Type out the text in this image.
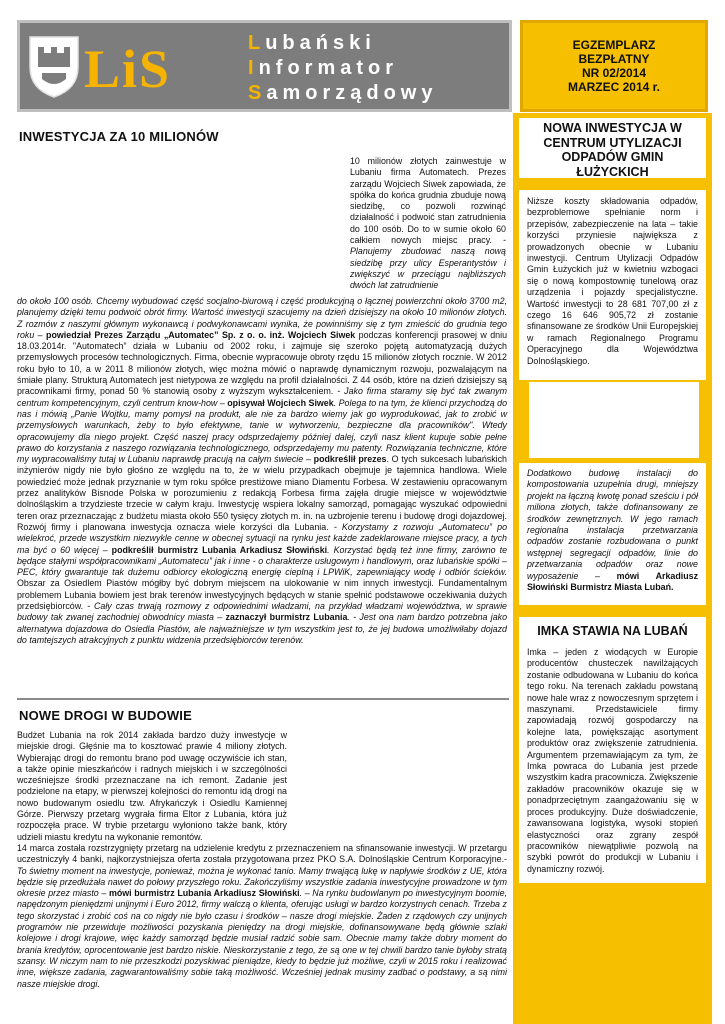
LiS	Lubański
Informator
Samorządowy
EGZEMPLARZ
BEZPŁATNY
NR 02/2014
MARZEC 2014 r.
INWESTYCJA ZA 10 MILIONÓW
10 milionów złotych zainwestuje w Lubaniu firma Automatech. Prezes zarządu Wojciech Siwek zapowiada, że spółka do końca grudnia zbuduje nową siedzibę, co pozwoli rozwinąć działalność i podwoić stan zatrudnienia do 100 osób. Do to w sumie około 60 całkiem nowych miejsc pracy. - Planujemy zbudować naszą nową siedzibę przy ulicy Esperantystów i zwiększyć w przeciągu najbliższych dwóch lat zatrudnienie
do około 100 osób. Chcemy wybudować część socjalno-biurową i część produkcyjną o łącznej powierzchni około 3700 m2, planujemy dzięki temu podwoić obrót firmy. Wartość inwestycji szacujemy na dzień dzisiejszy na około 10 milionów złotych. Z rozmów z naszymi głównym wykonawcą i podwykonawcami wynika, że powinniśmy się z tym zmieścić do grudnia tego roku – powiedział Prezes Zarządu „Automatec” Sp. z o. o. inż. Wojciech Siwek podczas konferencji prasowej w dniu 18.03.2014r. "Automatech” działa w Lubaniu od 2002 roku, i zajmuje się szeroko pojętą automatyzacją dużych przemysłowych procesów technologicznych. Firma, obecnie wypracowuje obroty rzędu 15 milionów złotych rocznie. W 2012 roku było to 10, a w 2011 8 milionów złotych, więc można mówić o naprawdę dynamicznym rozwoju, pozwalającym na śmiałe plany. Strukturą Automatech jest nietypowa ze względu na profil działalności. Z 44 osób, które na dzień dzisiejszy są pracownikami firmy, ponad 50 % stanowią osoby z wyższym wykształceniem. - Jako firma staramy się być tak zwanym centrum kompetencyjnym, czyli centrum know-how – opisywał Wojciech Siwek. Polega to na tym, że klienci przychodzą do nas i mówią „Panie Wojtku, mamy pomysł na produkt, ale nie za bardzo wiemy jak go wyprodukować, jak to zrobić w przemysłowych warunkach, żeby to było efektywne, tanie w wytworzeniu, bezpieczne dla pracowników". Wtedy opracowujemy dla niego projekt. Część naszej pracy odsprzedajemy później dalej, czyli nasz klient kupuje sobie pełne prawo do korzystania z naszego rozwiązania technologicznego, odsprzedajemy mu patenty. Rozwiązania techniczne, które my wypracowaliśmy tutaj w Lubaniu naprawdę pracują na całym świecie – podkreślił prezes. O tych sukcesach lubańskich inżynierów nigdy nie było głośno ze względu na to, że w wielu przypadkach obejmuje je tajemnica handlowa. Wiele powiedzieć może jednak przyznanie w tym roku spółce prestiżowe miano Diamentu Forbesa. W zestawieniu opracowanym przez analityków Bisnode Polska w porozumieniu z redakcją Forbesa firma zajęła drugie miejsce w województwie dolnośląskim a trzydzieste trzecie w całym kraju. Inwestycję wspiera lokalny samorząd, pomagając wyszukać odpowiedni teren oraz przeznaczając z budżetu miasta około 550 tysięcy złotych m. in. na uzbrojenie terenu i budowę drogi dojazdowej. Rozwój firmy i planowana inwestycja oznacza wiele korzyści dla Lubania. - Korzystamy z rozwoju „Automatecu” po wielekroć, przede wszystkim niezwykle cenne w obecnej sytuacji na rynku jest każde zadeklarowane miejsce pracy, a tych ma być o 60 więcej – podkreślił burmistrz Lubania Arkadiusz Słowiński. Korzystać będą też inne firmy, zarówno te będące stałymi współpracownikami „Automatecu” jak i inne - o charakterze usługowym i handlowym, oraz lubańskie spółki – PEC, który gwarantuje tak dużemu odbiorcy ekologiczną energię cieplną i LPWiK, zapewniający wodę i odbiór ścieków. Obszar za Osiedlem Piastów mógłby być dobrym miejscem na ulokowanie w nim innych inwestycji. Fundamentalnym problemem Lubania bowiem jest brak terenów inwestycyjnych będących w stanie spełnić podstawowe oczekiwania dużych przedsiębiorców. - Cały czas trwają rozmowy z odpowiednimi władzami, na przykład władzami województwa, w sprawie budowy tak zwanej zachodniej obwodnicy miasta – zaznaczył burmistrz Lubania. - Jest ona nam bardzo potrzebna jako alternatywa dojazdowa do Osiedla Piastów, ale najważniejsze w tym wszystkim jest to, że jej budowa umożliwiłaby dojazd do tamtejszych atrakcyjnych z punktu widzenia przedsiębiorców terenów.
NOWE DROGI W BUDOWIE
Budżet Lubania na rok 2014 zakłada bardzo duży inwestycje w miejskie drogi. Głęśnie ma to kosztować prawie 4 miliony złotych. Wybierając drogi do remontu brano pod uwagę oczywiście ich stan, a także opinie mieszkańców i radnych miejskich i w szczególności wcześniejsze środki przeznaczane na ich remont. Zadanie jest podzielone na etapy, w pierwszej kolejności do remontu idą drogi na nowo budowanym osiedlu tzw. Afrykańczyk i Osiedlu Kamiennej Górze. Pierwszy przetarg wygrała firma Eltor z Lubania, która już rozpoczęła prace. W trybie przetargu wyłoniono także bank, który udzieli miastu kredytu na wykonanie remontów.
14 marca została rozstrzygnięty przetarg na udzielenie kredytu z przeznaczeniem na sfinansowanie inwestycji. W przetargu uczestniczyły 4 banki, najkorzystniejsza oferta została przygotowana przez PKO S.A. Dolnośląskie Centrum Korporacyjne.- To świetny moment na inwestycje, ponieważ, można je wykonać tanio. Mamy trwającą lukę w napływie środków z UE, która będzie się przedłużała nawet do połowy przyszłego roku. Zakończyliśmy wszystkie zadania inwestycyjne prowadzone w tym okresie przez miasto – mówi burmistrz Lubania Arkadiusz Słowiński. – Na rynku budowlanym po inwestycyjnym boomie, napędzonym pieniędzmi unijnymi i Euro 2012, firmy walczą o klienta, oferując usługi w bardzo korzystnych cenach. Trzeba z tego skorzystać i zrobić coś na co nigdy nie było czasu i środków – nasze drogi miejskie. Żaden z rządowych czy unijnych programów nie przewiduje możliwości pozyskania pieniędzy na drogi miejskie, dofinansowywane będą głównie szlaki kolejowe i drogi krajowe, więc każdy samorząd będzie musiał radzić sobie sam. Obecnie mamy także dobry moment do brania kredytów, oprocentowanie jest bardzo niskie. Nieskorzystanie z tego, że są one w tej chwili bardzo tanie byłoby stratą szansy. W niczym nam to nie przeszkodzi pozyskiwać pieniądze, kiedy to będzie już możliwe, czyli w 2015 roku i realizować inne, większe zadania, zagwarantowaliśmy sobie taką możliwość. Wcześniej jednak musimy zadbać o podstawy, a są nimi nasze miejskie drogi.
NOWA INWESTYCJA W CENTRUM UTYLIZACJI ODPADÓW GMIN ŁUŻYCKICH
Niższe koszty składowania odpadów, bezproblemowe spełnianie norm i przepisów, zabezpieczenie na lata – takie korzyści przyniesie największa z prowadzonych obecnie w Lubaniu inwestycji. Centrum Utylizacji Odpadów Gmin Łużyckich już w kwietniu wzbogaci się o nową kompostownię tunelową oraz urządzenia i pojazdy specjalistyczne. Wartość inwestycji to 28 681 707,00 zł z czego 16 646 905,72 zł zostanie sfinansowane ze środków Unii Europejskiej w ramach Regionalnego Programu Operacyjnego dla Województwa Dolnośląskiego.
Dodatkowo budowę instalacji do kompostowania uzupełnia drugi, mniejszy projekt na łączną kwotę ponad sześciu i pół miliona złotych, także dofinansowany ze środków zewnętrznych. W jego ramach regionalna instalacja przetwarzania odpadów zostanie rozbudowana o punkt wstępnej segregacji odpadów, linie do przetwarzania odpadów oraz nowe wyposażenie – mówi Arkadiusz Słowiński Burmistrz Miasta Lubań.
IMKA STAWIA NA LUBAŃ
Imka – jeden z wiodących w Europie producentów chusteczek nawilżających zostanie odbudowana w Lubaniu do końca tego roku. Na terenach zakładu powstaną nowe hale wraz z nowoczesnym sprzętem i maszynami. Przedstawiciele firmy zapowiadają rozwój gospodarczy na kolejne lata, powiększając asortyment produktów oraz zwiększenie zatrudnienia. Argumentem przemawiającym za tym, że Imka powraca do Lubania jest przede wszystkim kadra pracownicza. Zwiększenie zakładów pracowników okazuje się w ponadprzeciętnym zaangażowaniu się w proces produkcyjny. Duże doświadczenie, zawansowana logistyka, wysoki stopień elastyczności oraz zgrany zespół pracowników niewątpliwie pozwolą na szybki powrót do produkcji w Lubaniu i dynamiczny rozwój.
